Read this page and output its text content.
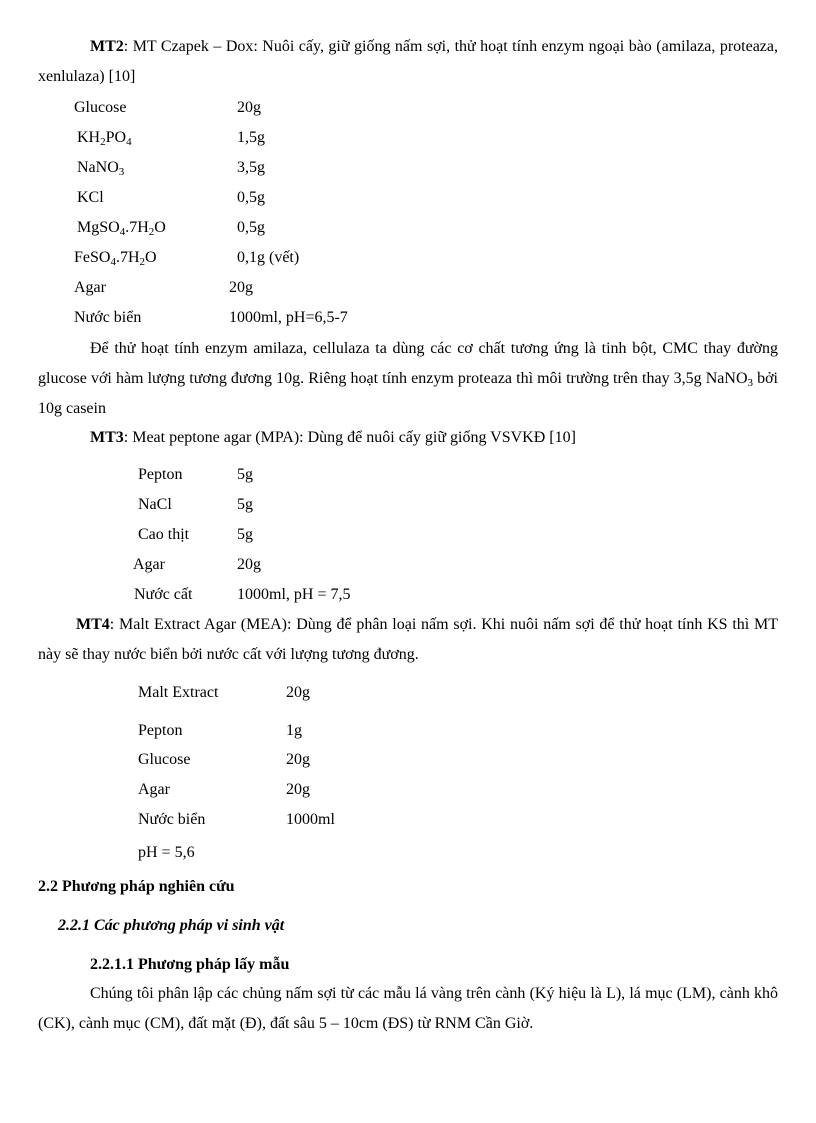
MT2: MT Czapek – Dox: Nuôi cấy, giữ giống nấm sợi, thử hoạt tính enzym ngoại bào (amilaza, proteaza, xenlulaza) [10]

Glucose	20g
$KH_2PO_4$	1,5g
NaNO$_3$	3,5g
KCl	0,5g
$MgSO_4.7H_2O$	0,5g
$FeSO_4.7H_2O$	0,1g (vết)
Agar	20g
Nước biển	1000ml, pH=6,5-7

Để thử hoạt tính enzym amilaza, cellulaza ta dùng các cơ chất tương ứng là tinh bột, CMC thay đường glucose với hàm lượng tương đương 10g. Riêng hoạt tính enzym proteaza thì môi trường trên thay 3,5g NaNO$_3$ bởi 10g casein

MT3: Meat peptone agar (MPA): Dùng để nuôi cấy giữ giống VSVKĐ [10]
Pepton	5g
NaCl	5g
Cao thịt	5g
Agar	20g
Nước cất	1000ml, pH = 7,5

MT4: Malt Extract Agar (MEA): Dùng để phân loại nấm sợi. Khi nuôi nấm sợi để thử hoạt tính KS thì MT này sẽ thay nước biển bởi nước cất với lượng tương đương.

Malt Extract	20g
Pepton	1g
Glucose	20g
Agar	20g
Nước biển	1000ml
pH = 5,6
2.2 Phương pháp nghiên cứu
2.2.1 Các phương pháp vi sinh vật
2.2.1.1 Phương pháp lấy mẫu

Chúng tôi phân lập các chủng nấm sợi từ các mẫu lá vàng trên cành (Ký hiệu là L), lá mục (LM), cành khô (CK), cành mục (CM), đất mặt (Đ), đất sâu 5 – 10cm (ĐS) từ RNM Cần Giờ.
